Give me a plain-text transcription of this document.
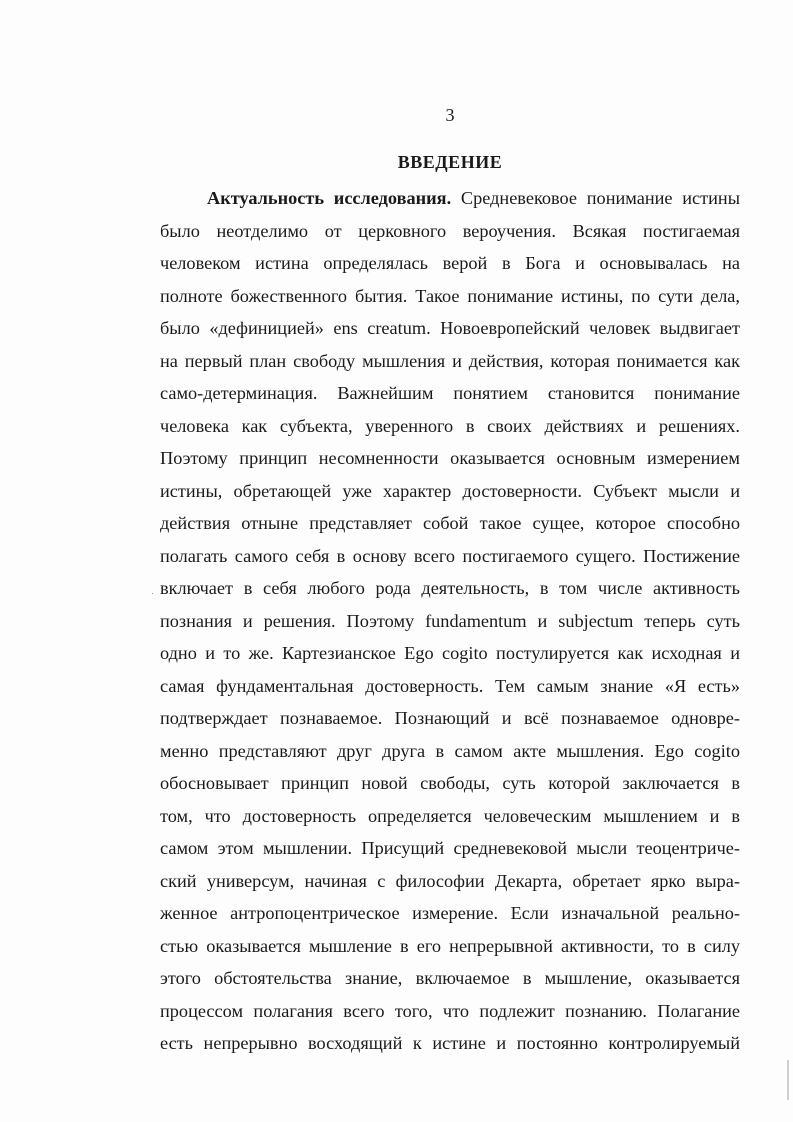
3
ВВЕДЕНИЕ
Актуальность исследования. Средневековое понимание истины
было неотделимо от церковного вероучения. Всякая постигаемая
человеком истина определялась верой в Бога и основывалась на
полноте божественного бытия. Такое понимание истины, по сути дела,
было «дефиницией» ens creatum. Новоевропейский человек выдвигает
на первый план свободу мышления и действия, которая понимается как
само-детерминация. Важнейшим понятием становится понимание
человека как субъекта, уверенного в своих действиях и решениях.
Поэтому принцип несомненности оказывается основным измерением
истины, обретающей уже характер достоверности. Субъект мысли и
действия отныне представляет собой такое сущее, которое способно
полагать самого себя в основу всего постигаемого сущего. Постижение
включает в себя любого рода деятельность, в том числе активность
познания и решения. Поэтому fundamentum и subjectum теперь суть
одно и то же. Картезианское Ego cogito постулируется как исходная и
самая фундаментальная достоверность. Тем самым знание «Я есть»
подтверждает познаваемое. Познающий и всё познаваемое одновре-
менно представляют друг друга в самом акте мышления. Ego cogito
обосновывает принцип новой свободы, суть которой заключается в
том, что достоверность определяется человеческим мышлением и в
самом этом мышлении. Присущий средневековой мысли теоцентриче-
ский универсум, начиная с философии Декарта, обретает ярко выра-
женное антропоцентрическое измерение. Если изначальной реально-
стью оказывается мышление в его непрерывной активности, то в силу
этого обстоятельства знание, включаемое в мышление, оказывается
процессом полагания всего того, что подлежит познанию. Полагание
есть непрерывно восходящий к истине и постоянно контролируемый
